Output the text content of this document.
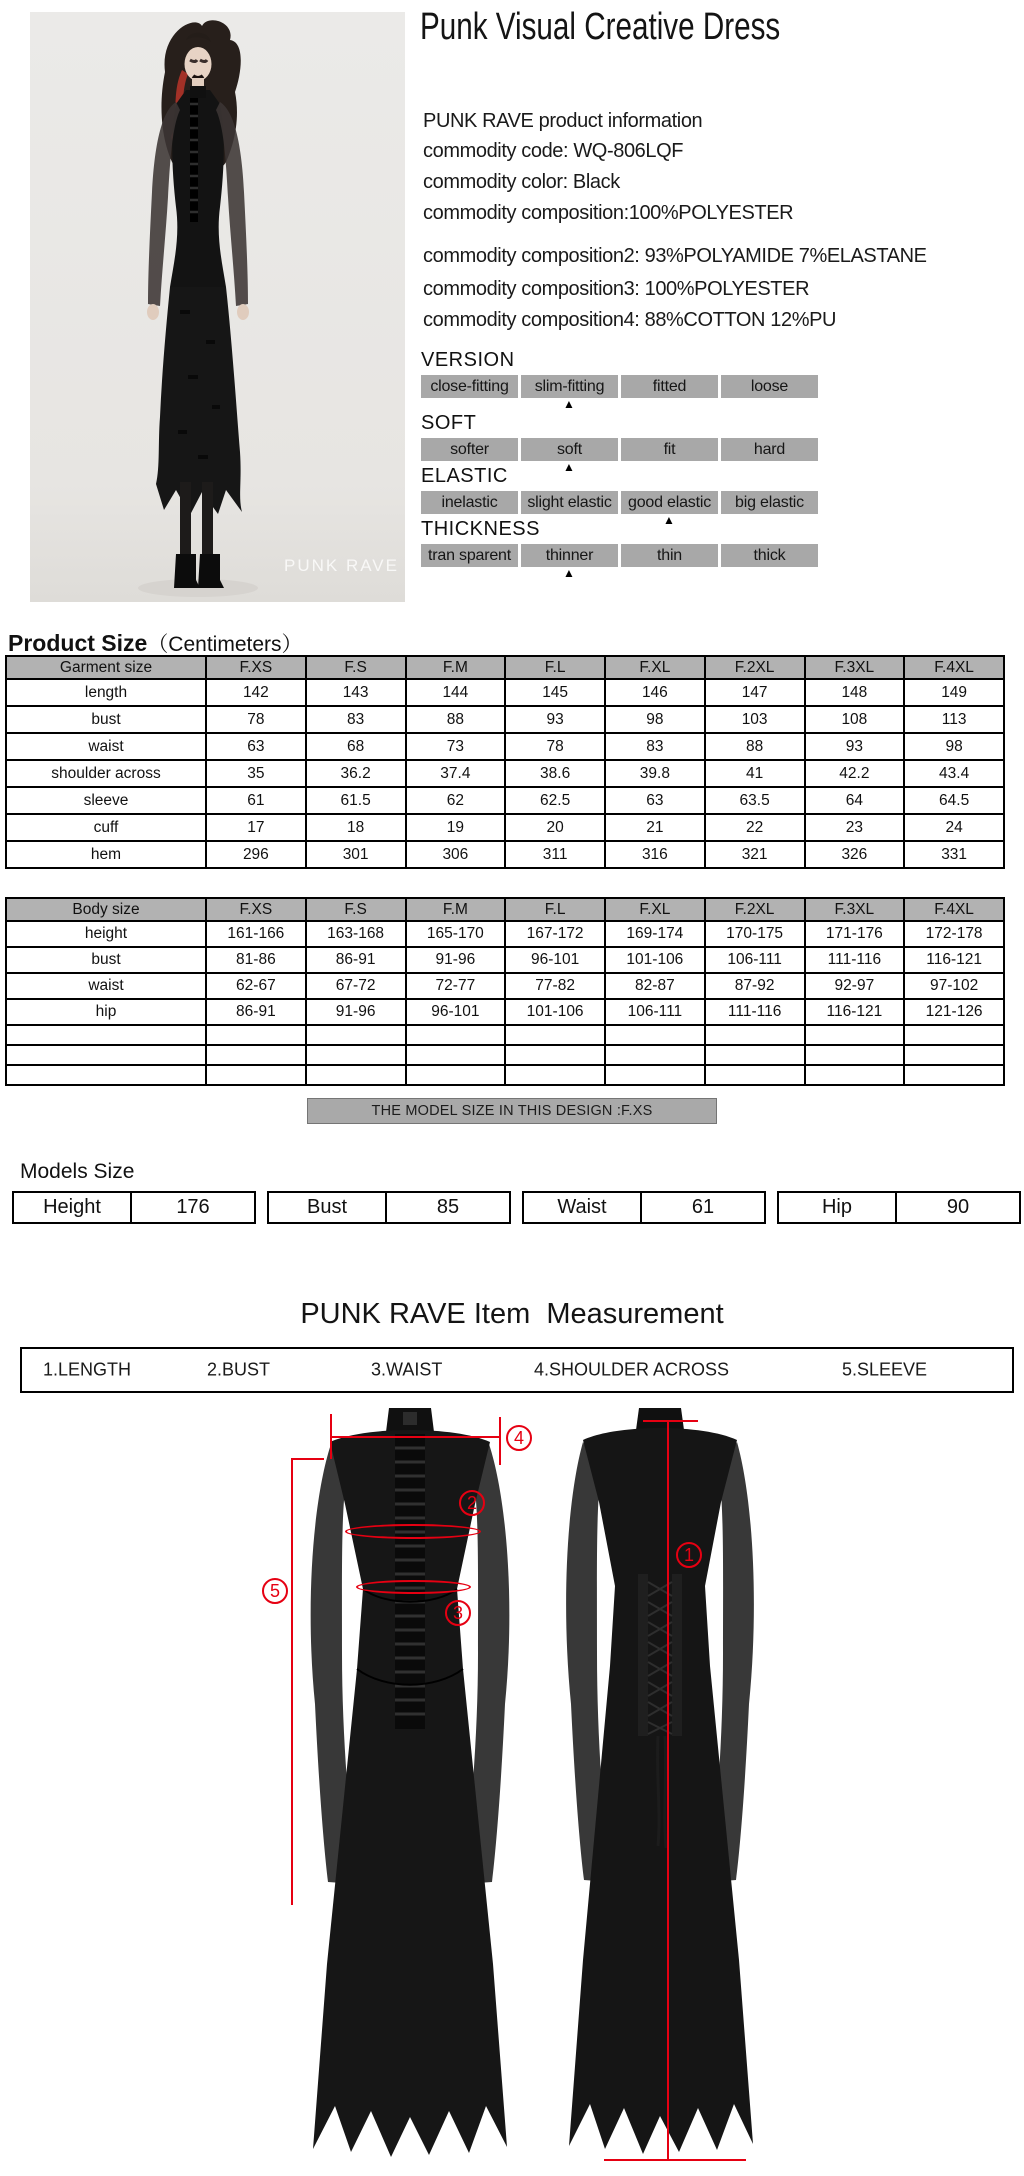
PUNK RAVE
Punk Visual Creative Dress
PUNK RAVE product information
commodity code: WQ-806LQF
commodity color: Black
commodity composition:100%POLYESTER
commodity composition2: 93%POLYAMIDE 7%ELASTANE
commodity composition3: 100%POLYESTER
commodity composition4: 88%COTTON 12%PU
VERSION
close-fitting	slim-fitting	fitted	loose
▲
SOFT
softer	soft	fit	hard
▲
ELASTIC
inelastic	slight elastic	good elastic	big elastic
▲
THICKNESS
tran sparent	thinner	thin	thick
▲
Product Size（Centimeters）
Garment size	F.XS	F.S	F.M	F.L	F.XL	F.2XL	F.3XL	F.4XL
length	142	143	144	145	146	147	148	149
bust	78	83	88	93	98	103	108	113
waist	63	68	73	78	83	88	93	98
shoulder across	35	36.2	37.4	38.6	39.8	41	42.2	43.4
sleeve	61	61.5	62	62.5	63	63.5	64	64.5
cuff	17	18	19	20	21	22	23	24
hem	296	301	306	311	316	321	326	331
Body size	F.XS	F.S	F.M	F.L	F.XL	F.2XL	F.3XL	F.4XL
height	161-166	163-168	165-170	167-172	169-174	170-175	171-176	172-178
bust	81-86	86-91	91-96	96-101	101-106	106-111	111-116	116-121
waist	62-67	67-72	72-77	77-82	82-87	87-92	92-97	97-102
hip	86-91	91-96	96-101	101-106	106-111	111-116	116-121	121-126

THE MODEL SIZE IN THIS DESIGN :F.XS
Models Size
Height	176	Bust	85	Waist	61	Hip	90
PUNK RAVE Item  Measurement
1.LENGTH	2.BUST	3.WAIST	4.SHOULDER ACROSS	5.SLEEVE
4
2
3
5
1
